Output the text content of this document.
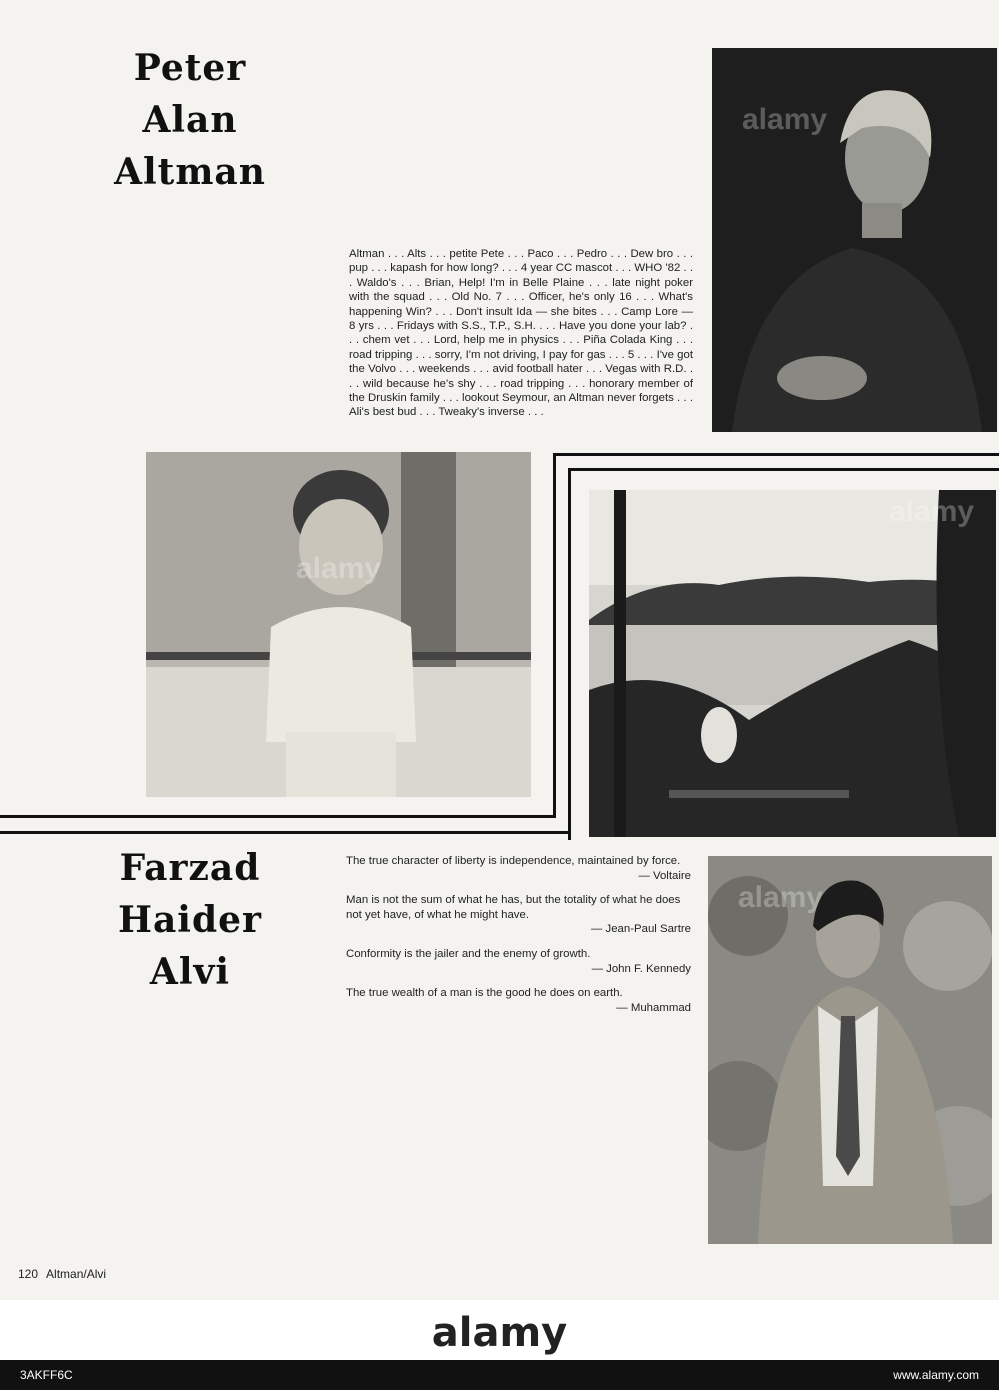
Peter
Alan
Altman
alamy
Altman . . . Alts . . . petite Pete . . . Paco . . . Pedro . . . Dew bro . . . pup . . . kapash for how long? . . . 4 year CC mascot . . . WHO '82 . . . Waldo's . . . Brian, Help! I'm in Belle Plaine . . . late night poker with the squad . . . Old No. 7 . . . Officer, he's only 16 . . . What's happening Win? . . . Don't insult Ida — she bites . . . Camp Lore — 8 yrs . . . Fridays with S.S., T.P., S.H. . . . Have you done your lab? . . . chem vet . . . Lord, help me in physics . . . Piña Colada King . . . road tripping . . . sorry, I'm not driving, I pay for gas . . . 5 . . . I've got the Volvo . . . weekends . . . avid football hater . . . Vegas with R.D. . . . wild because he's shy . . . road tripping . . . honorary member of the Druskin family . . . lookout Seymour, an Altman never forgets . . . Ali's best bud . . . Tweaky's inverse . . .
alamy
alamy
Farzad
Haider
Alvi
The true character of liberty is independence, maintained by force.
— Voltaire
Man is not the sum of what he has, but the totality of what he does not yet have, of what he might have.
— Jean-Paul Sartre
Conformity is the jailer and the enemy of growth.
— John F. Kennedy
The true wealth of a man is the good he does on earth.
— Muhammad
alamy
120 Altman/Alvi
alamy
3AKFF6C	www.alamy.com
